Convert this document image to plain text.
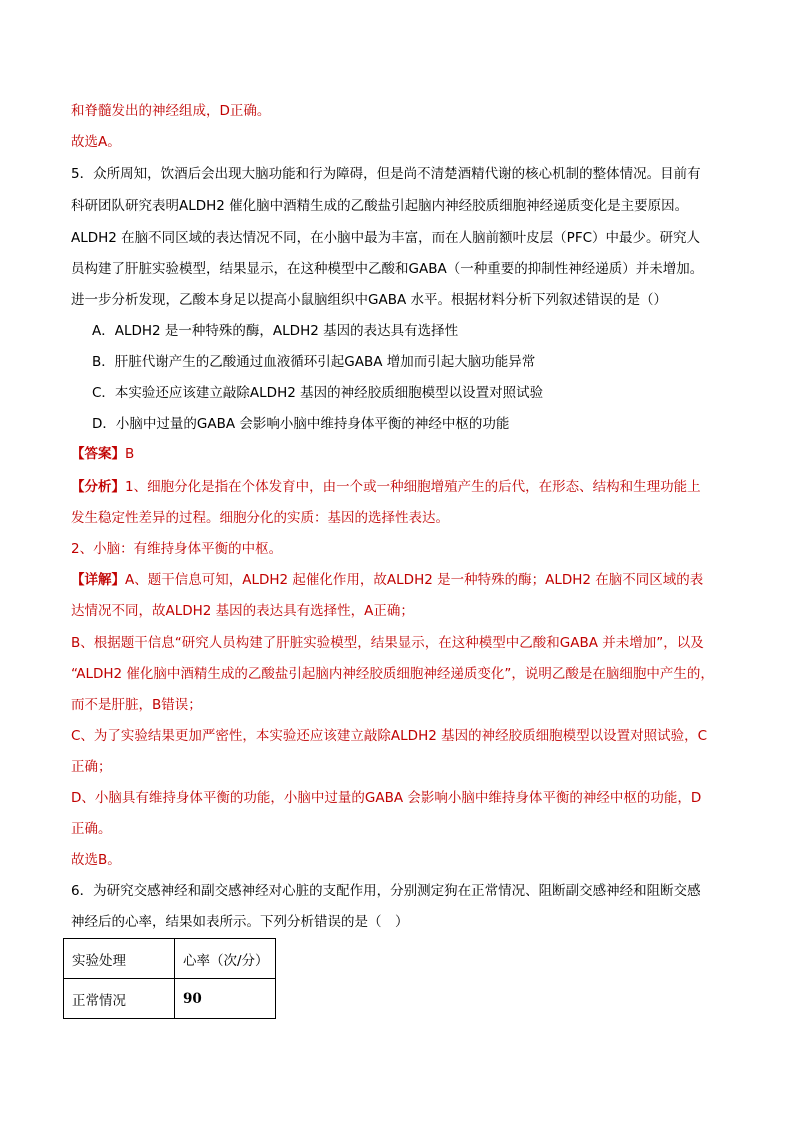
和脊髓发出的神经组成，D正确。
故选A。
5．众所周知，饮酒后会出现大脑功能和行为障碍，但是尚不清楚酒精代谢的核心机制的整体情况。目前有
科研团队研究表明ALDH2 催化脑中酒精生成的乙酸盐引起脑内神经胶质细胞神经递质变化是主要原因。
ALDH2 在脑不同区域的表达情况不同，在小脑中最为丰富，而在人脑前额叶皮层（PFC）中最少。研究人
员构建了肝脏实验模型，结果显示，在这种模型中乙酸和GABA（一种重要的抑制性神经递质）并未增加。
进一步分析发现，乙酸本身足以提高小鼠脑组织中GABA 水平。根据材料分析下列叙述错误的是（）
A．ALDH2 是一种特殊的酶，ALDH2 基因的表达具有选择性
B．肝脏代谢产生的乙酸通过血液循环引起GABA 增加而引起大脑功能异常
C．本实验还应该建立敲除ALDH2 基因的神经胶质细胞模型以设置对照试验
D．小脑中过量的GABA 会影响小脑中维持身体平衡的神经中枢的功能
【答案】B
【分析】1、细胞分化是指在个体发育中，由一个或一种细胞增殖产生的后代，在形态、结构和生理功能上
发生稳定性差异的过程。细胞分化的实质：基因的选择性表达。
2、小脑：有维持身体平衡的中枢。
【详解】A、题干信息可知，ALDH2 起催化作用，故ALDH2 是一种特殊的酶；ALDH2 在脑不同区域的表
达情况不同，故ALDH2 基因的表达具有选择性，A正确；
B、根据题干信息“研究人员构建了肝脏实验模型，结果显示，在这种模型中乙酸和GABA 并未增加”，以及
“ALDH2 催化脑中酒精生成的乙酸盐引起脑内神经胶质细胞神经递质变化”，说明乙酸是在脑细胞中产生的，
而不是肝脏，B错误；
C、为了实验结果更加严密性，本实验还应该建立敲除ALDH2 基因的神经胶质细胞模型以设置对照试验，C
正确；
D、小脑具有维持身体平衡的功能，小脑中过量的GABA 会影响小脑中维持身体平衡的神经中枢的功能，D
正确。
故选B。
6．为研究交感神经和副交感神经对心脏的支配作用，分别测定狗在正常情况、阻断副交感神经和阻断交感
神经后的心率，结果如表所示。下列分析错误的是（　）
实验处理	心率（次/分）
正常情况	90
